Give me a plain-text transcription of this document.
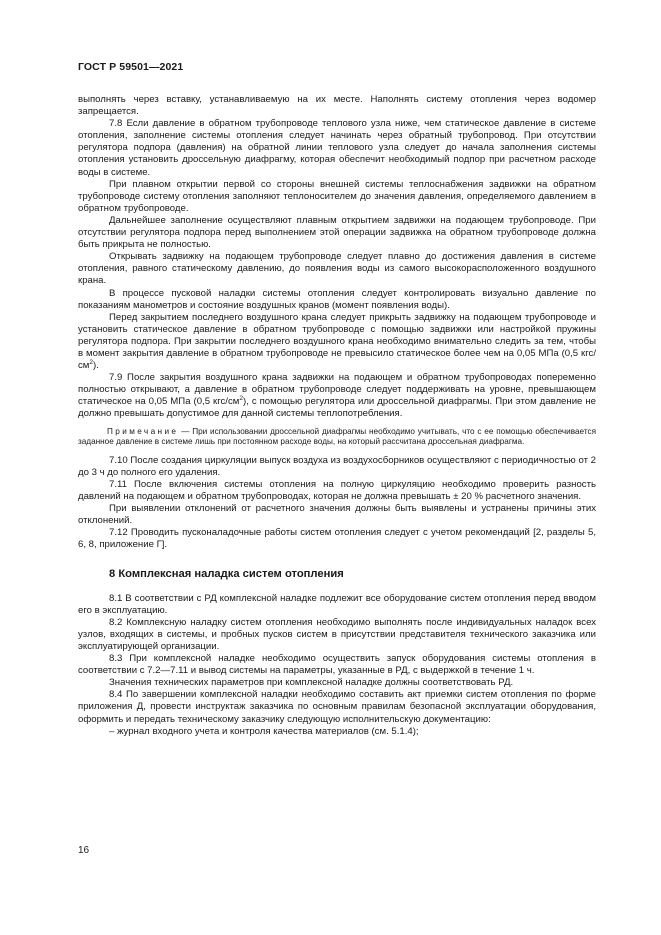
ГОСТ Р 59501—2021

выполнять через вставку, устанавливаемую на их месте. Наполнять систему отопления через водомер запрещается.

7.8 Если давление в обратном трубопроводе теплового узла ниже, чем статическое давление в системе отопления, заполнение системы отопления следует начинать через обратный трубопровод. При отсутствии регулятора подпора (давления) на обратной линии теплового узла следует до начала заполнения системы отопления установить дроссельную диафрагму, которая обеспечит необходимый подпор при расчетном расходе воды в системе.

При плавном открытии первой со стороны внешней системы теплоснабжения задвижки на обратном трубопроводе систему отопления заполняют теплоносителем до значения давления, определяемого давлением в обратном трубопроводе.

Дальнейшее заполнение осуществляют плавным открытием задвижки на подающем трубопроводе. При отсутствии регулятора подпора перед выполнением этой операции задвижка на обратном трубопроводе должна быть прикрыта не полностью.

Открывать задвижку на подающем трубопроводе следует плавно до достижения давления в системе отопления, равного статическому давлению, до появления воды из самого высокорасположенного воздушного крана.

В процессе пусковой наладки системы отопления следует контролировать визуально давление по показаниям манометров и состояние воздушных кранов (момент появления воды).

Перед закрытием последнего воздушного крана следует прикрыть задвижку на подающем трубопроводе и установить статическое давление в обратном трубопроводе с помощью задвижки или настройкой пружины регулятора подпора. При закрытии последнего воздушного крана необходимо внимательно следить за тем, чтобы в момент закрытия давление в обратном трубопроводе не превысило статическое более чем на 0,05 МПа (0,5 кгс/$см^2$).

7.9 После закрытия воздушного крана задвижки на подающем и обратном трубопроводах попеременно полностью открывают, а давление в обратном трубопроводе следует поддерживать на уровне, превышающем статическое на 0,05 МПа (0,5 кгс/$см^2$), с помощью регулятора или дроссельной диафрагмы. При этом давление не должно превышать допустимое для данной системы теплопотребления.

Примечание — При использовании дроссельной диафрагмы необходимо учитывать, что с ее помощью обеспечивается заданное давление в системе лишь при постоянном расходе воды, на который рассчитана дроссельная диафрагма.

7.10 После создания циркуляции выпуск воздуха из воздухосборников осуществляют с периодичностью от 2 до 3 ч до полного его удаления.

7.11 После включения системы отопления на полную циркуляцию необходимо проверить разность давлений на подающем и обратном трубопроводах, которая не должна превышать ± 20 % расчетного значения.

При выявлении отклонений от расчетного значения должны быть выявлены и устранены причины этих отклонений.

7.12 Проводить пусконаладочные работы систем отопления следует с учетом рекомендаций [2, разделы 5, 6, 8, приложение Г].

8 Комплексная наладка систем отопления

8.1 В соответствии с РД комплексной наладке подлежит все оборудование систем отопления перед вводом его в эксплуатацию.

8.2 Комплексную наладку систем отопления необходимо выполнять после индивидуальных наладок всех узлов, входящих в системы, и пробных пусков систем в присутствии представителя технического заказчика или эксплуатирующей организации.

8.3 При комплексной наладке необходимо осуществить запуск оборудования системы отопления в соответствии с 7.2—7.11 и вывод системы на параметры, указанные в РД, с выдержкой в течение 1 ч.

Значения технических параметров при комплексной наладке должны соответствовать РД.

8.4 По завершении комплексной наладки необходимо составить акт приемки систем отопления по форме приложения Д, провести инструктаж заказчика по основным правилам безопасной эксплуатации оборудования, оформить и передать техническому заказчику следующую исполнительскую документацию:

– журнал входного учета и контроля качества материалов (см. 5.1.4);

16
